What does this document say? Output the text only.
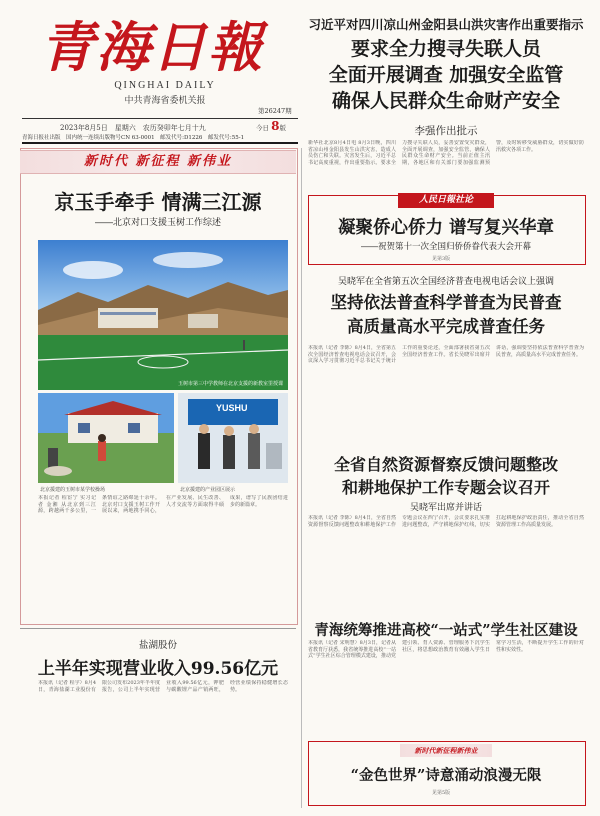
青海日報
QINGHAI DAILY
中共青海省委机关报
第26247期
2023年8月5日　星期六　农历癸卯年七月十九	今日 8版
青海日报社出版　国内统一连续出版物号CN 63-0001　邮发代号:D1226　邮发代号:55-1
习近平对四川凉山州金阳县山洪灾害作出重要指示
要求全力搜寻失联人员
全面开展调查 加强安全监管
确保人民群众生命财产安全
李强作出批示
新华社北京8月4日电 8月3日晚，四川省凉山州金阳县发生山洪灾害，造成人员伤亡和失联。灾害发生后，习近平总书记高度重视，作出重要指示。要求全力搜寻失联人员，妥善安置受灾群众，全面开展调查，加强安全监管，确保人民群众生命财产安全。当前正值主汛期，各地区和有关部门要加强监测预警，及时转移受威胁群众，切实做好防汛救灾各项工作。
人民日報社论
凝聚侨心侨力 谱写复兴华章
——祝贺第十一次全国归侨侨眷代表大会开幕
见第3版
吴晓军在全省第五次全国经济普查电视电话会议上强调
坚持依法普查科学普查为民普查
高质量高水平完成普查任务
本报讯（记者 李陈）8月4日，全省第五次全国经济普查电视电话会议召开，会议深入学习贯彻习近平总书记关于统计工作的重要论述，全面部署我省第五次全国经济普查工作。省长吴晓军出席并讲话，强调要坚持依法普查科学普查为民普查，高质量高水平完成普查任务。
全省自然资源督察反馈问题整改
和耕地保护工作专题会议召开
吴晓军出席并讲话
本报讯（记者 李陈）8月4日，全省自然资源督察反馈问题整改和耕地保护工作专题会议在西宁召开，会议要求扎实推进问题整改，严守耕地保护红线，切实扛起耕地保护政治责任，推动全省自然资源管理工作高质量发展。
青海统筹推进高校“一站式”学生社区建设
本报讯（记者 宋明慧）8月3日，记者从省教育厅获悉，我省统筹推进高校“一站式”学生社区综合管理模式建设，推动党建引领、育人资源、管理服务下沉学生社区，将思想政治教育有效融入学生日常学习生活，不断提升学生工作的针对性和实效性。
新时代新征程新伟业
“金色世界”诗意涌动浪漫无限
见第5版
新时代 新征程 新伟业
京玉手牵手 情满三江源
——北京对口支援玉树工作综述
玉树市第三中学教师在北京支援的新教室里授课
YUSHU
北京援建的玉树市某学校操场	北京援建的产业园区展示
本报记者 程宦宁 实习记者 金湘 从北京到三江源，跨越两千多公里，一条情谊之路绵延十余年。北京对口支援玉树工作开展以来，两地携手同心，在产业发展、民生改善、人才交流等方面取得丰硕成果，谱写了民族团结进步的新篇章。
盐湖股份
上半年实现营业收入99.56亿元
本报讯（记者 程宇）8月4日，青海盐湖工业股份有限公司发布2023年半年度报告，公司上半年实现营业收入99.56亿元，钾肥与碳酸锂产品产销两旺，经营业绩保持稳健增长态势。
